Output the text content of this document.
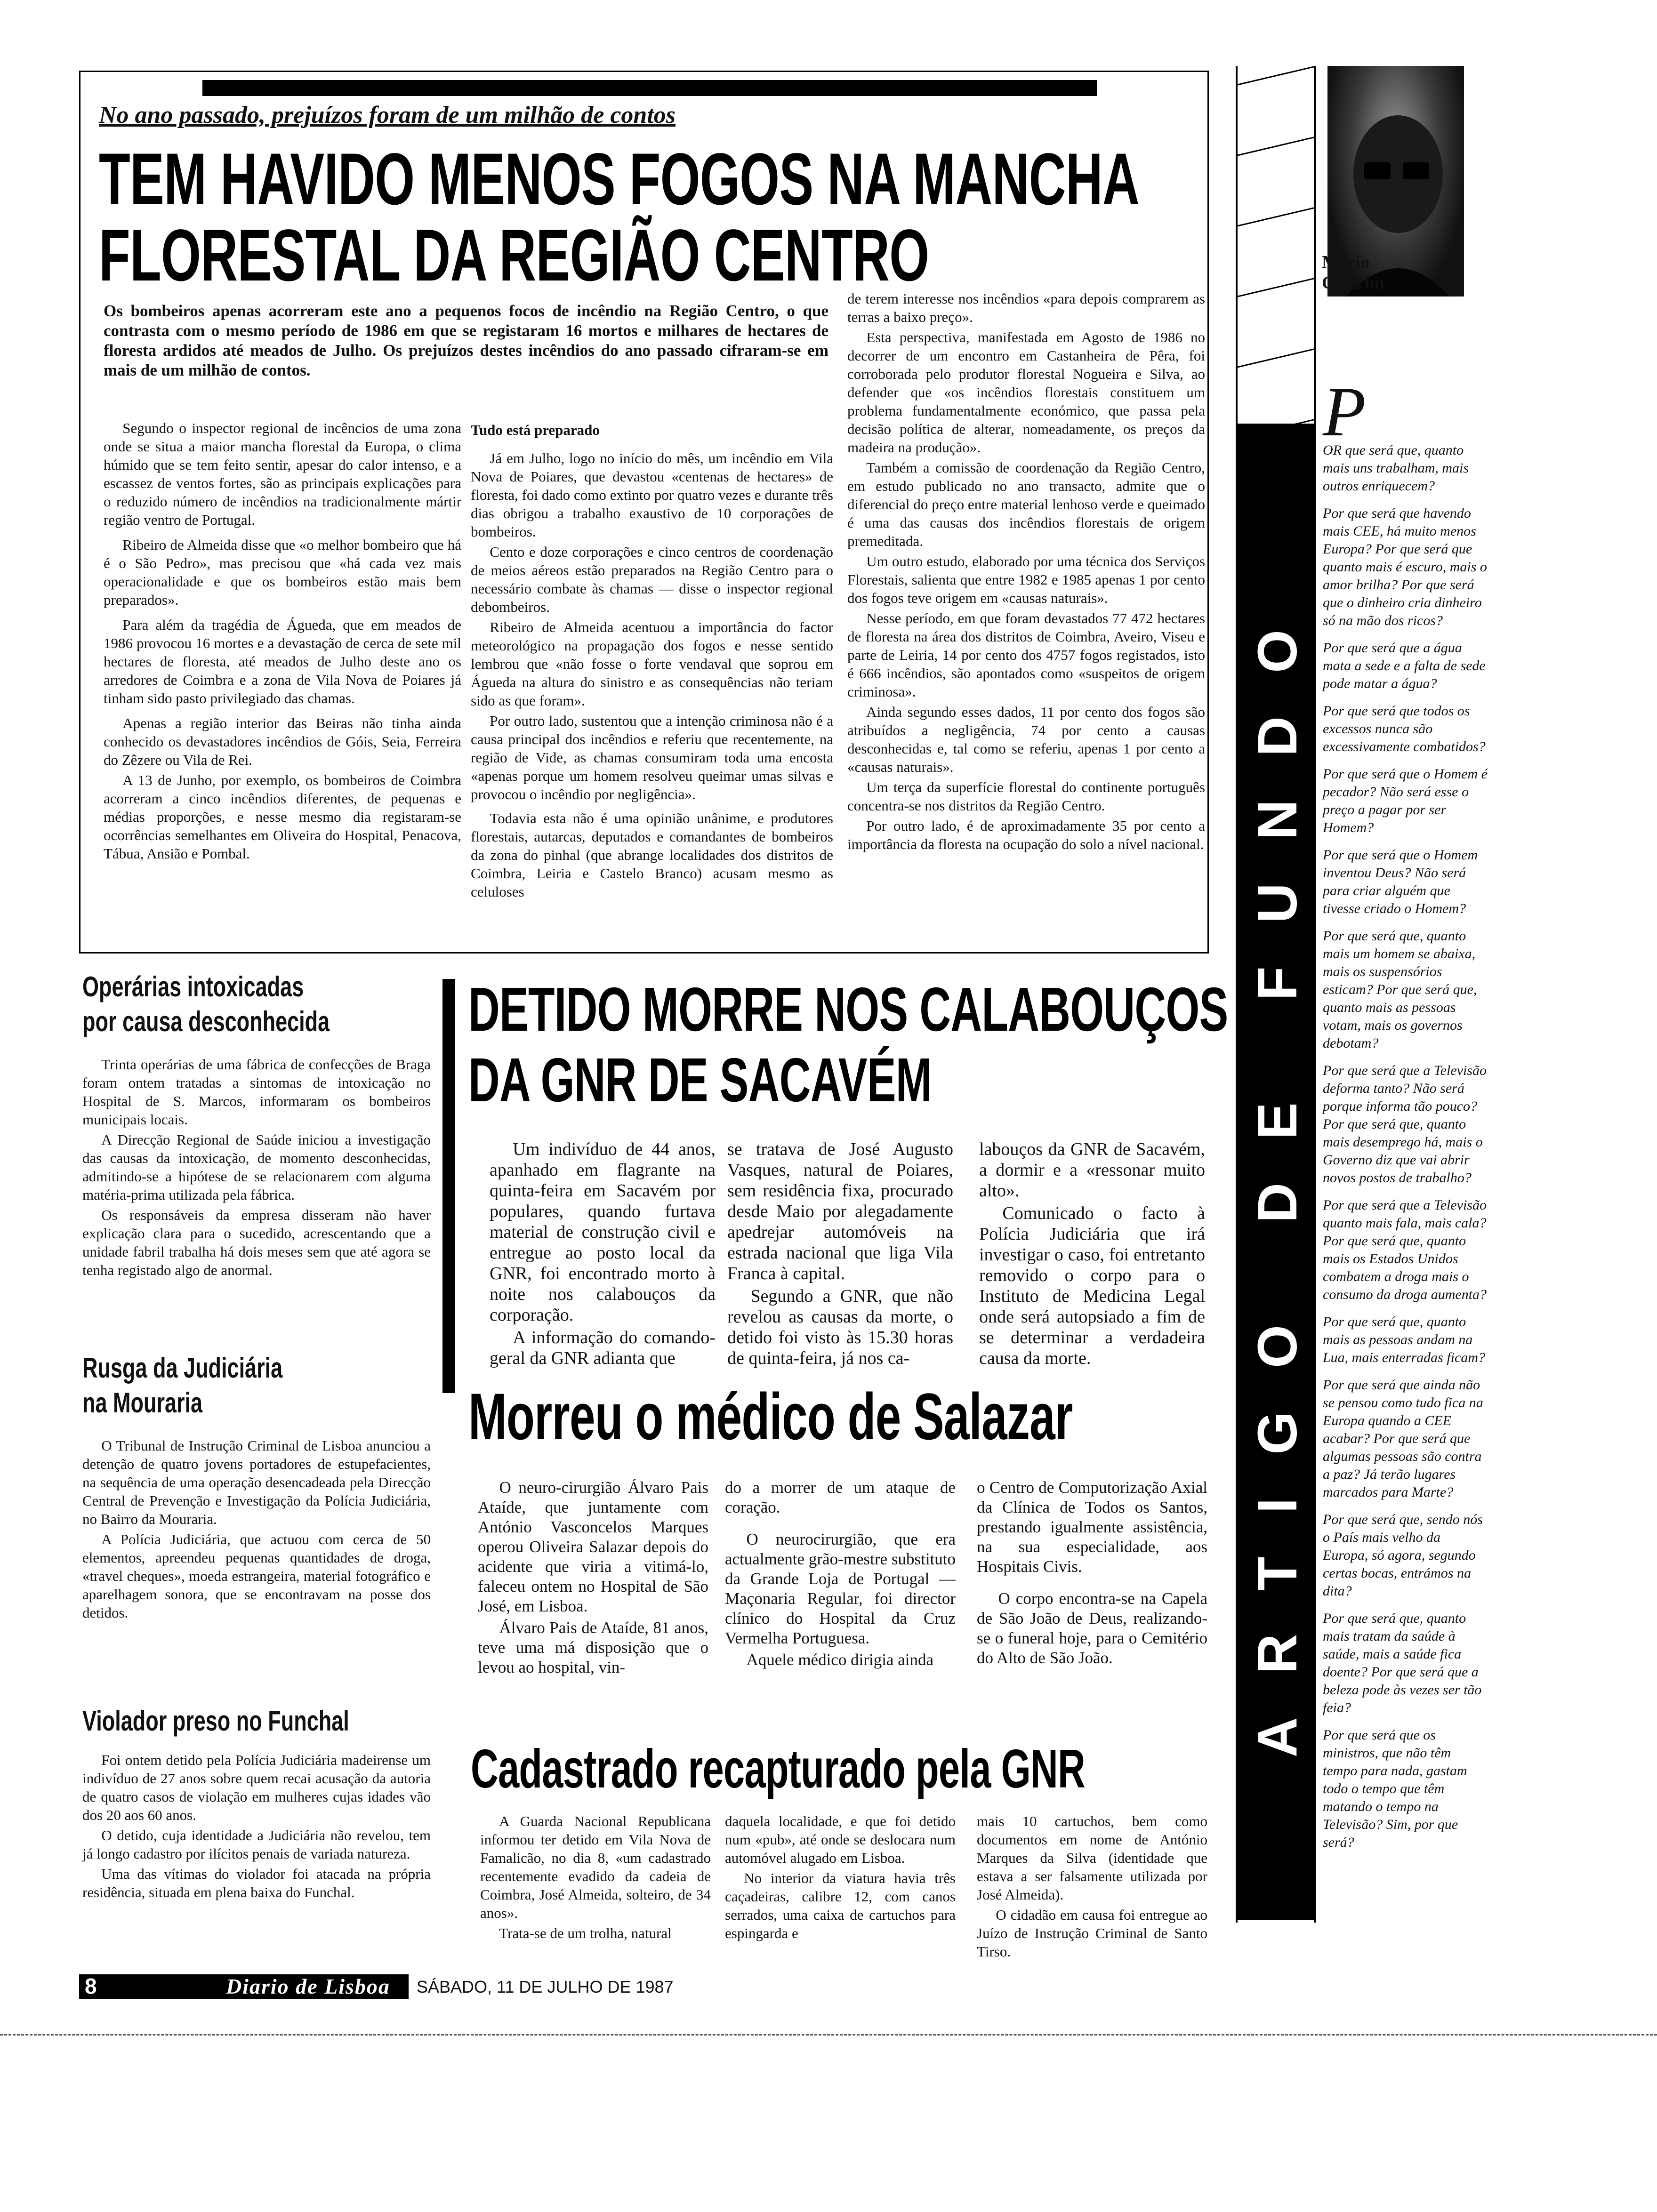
No ano passado, prejuízos foram de um milhão de contos
TEM HAVIDO MENOS FOGOS NA MANCHA
FLORESTAL DA REGIÃO CENTRO
Os bombeiros apenas acorreram este ano a pequenos focos de incêndio na Região Centro, o que contrasta com o mesmo período de 1986 em que se registaram 16 mortos e milhares de hectares de floresta ardidos até meados de Julho. Os prejuízos destes incêndios do ano passado cifraram-se em mais de um milhão de contos.

Segundo o inspector regional de incêncios de uma zona onde se situa a maior mancha florestal da Europa, o clima húmido que se tem feito sentir, apesar do calor intenso, e a escassez de ventos fortes, são as principais explicações para o reduzido número de incêndios na tradicionalmente mártir região ventro de Portugal.

Ribeiro de Almeida disse que «o melhor bombeiro que há é o São Pedro», mas precisou que «há cada vez mais operacionalidade e que os bombeiros estão mais bem preparados».

Para além da tragédia de Águeda, que em meados de 1986 provocou 16 mortes e a devastação de cerca de sete mil hectares de floresta, até meados de Julho deste ano os arredores de Coimbra e a zona de Vila Nova de Poiares já tinham sido pasto privilegiado das chamas.

Apenas a região interior das Beiras não tinha ainda conhecido os devastadores incêndios de Góis, Seia, Ferreira do Zêzere ou Vila de Rei.

A 13 de Junho, por exemplo, os bombeiros de Coimbra acorreram a cinco incêndios diferentes, de pequenas e médias proporções, e nesse mesmo dia registaram-se ocorrências semelhantes em Oliveira do Hospital, Penacova, Tábua, Ansião e Pombal.

Tudo está preparado

Já em Julho, logo no início do mês, um incêndio em Vila Nova de Poiares, que devastou «centenas de hectares» de floresta, foi dado como extinto por quatro vezes e durante três dias obrigou a trabalho exaustivo de 10 corporações de bombeiros.

Cento e doze corporações e cinco centros de coordenação de meios aéreos estão preparados na Região Centro para o necessário combate às chamas — disse o inspector regional debombeiros.

Ribeiro de Almeida acentuou a importância do factor meteorológico na propagação dos fogos e nesse sentido lembrou que «não fosse o forte vendaval que soprou em Águeda na altura do sinistro e as consequências não teriam sido as que foram».

Por outro lado, sustentou que a intenção criminosa não é a causa principal dos incêndios e referiu que recentemente, na região de Vide, as chamas consumiram toda uma encosta «apenas porque um homem resolveu queimar umas silvas e provocou o incêndio por negligência».

Todavia esta não é uma opinião unânime, e produtores florestais, autarcas, deputados e comandantes de bombeiros da zona do pinhal (que abrange localidades dos distritos de Coimbra, Leiria e Castelo Branco) acusam mesmo as celuloses

de terem interesse nos incêndios «para depois comprarem as terras a baixo preço».

Esta perspectiva, manifestada em Agosto de 1986 no decorrer de um encontro em Castanheira de Pêra, foi corroborada pelo produtor florestal Nogueira e Silva, ao defender que «os incêndios florestais constituem um problema fundamentalmente económico, que passa pela decisão política de alterar, nomeadamente, os preços da madeira na produção».

Também a comissão de coordenação da Região Centro, em estudo publicado no ano transacto, admite que o diferencial do preço entre material lenhoso verde e queimado é uma das causas dos incêndios florestais de origem premeditada.

Um outro estudo, elaborado por uma técnica dos Serviços Florestais, salienta que entre 1982 e 1985 apenas 1 por cento dos fogos teve origem em «causas naturais».

Nesse período, em que foram devastados 77 472 hectares de floresta na área dos distritos de Coimbra, Aveiro, Viseu e parte de Leiria, 14 por cento dos 4757 fogos registados, isto é 666 incêndios, são apontados como «suspeitos de origem criminosa».

Ainda segundo esses dados, 11 por cento dos fogos são atribuídos a negligência, 74 por cento a causas desconhecidas e, tal como se referiu, apenas 1 por cento a «causas naturais».

Um terça da superfície florestal do continente português concentra-se nos distritos da Região Centro.

Por outro lado, é de aproximadamente 35 por cento a importância da floresta na ocupação do solo a nível nacional.

Operárias intoxicadas
por causa desconhecida

Trinta operárias de uma fábrica de confecções de Braga foram ontem tratadas a sintomas de intoxicação no Hospital de S. Marcos, informaram os bombeiros municipais locais.

A Direcção Regional de Saúde iniciou a investigação das causas da intoxicação, de momento desconhecidas, admitindo-se a hipótese de se relacionarem com alguma matéria-prima utilizada pela fábrica.

Os responsáveis da empresa disseram não haver explicação clara para o sucedido, acrescentando que a unidade fabril trabalha há dois meses sem que até agora se tenha registado algo de anormal.

Rusga da Judiciária
na Mouraria

O Tribunal de Instrução Criminal de Lisboa anunciou a detenção de quatro jovens portadores de estupefacientes, na sequência de uma operação desencadeada pela Direcção Central de Prevenção e Investigação da Polícia Judiciária, no Bairro da Mouraria.

A Polícia Judiciária, que actuou com cerca de 50 elementos, apreendeu pequenas quantidades de droga, «travel cheques», moeda estrangeira, material fotográfico e aparelhagem sonora, que se encontravam na posse dos detidos.

Violador preso no Funchal

Foi ontem detido pela Polícia Judiciária madeirense um indivíduo de 27 anos sobre quem recai acusação da autoria de quatro casos de violação em mulheres cujas idades vão dos 20 aos 60 anos.

O detido, cuja identidade a Judiciária não revelou, tem já longo cadastro por ilícitos penais de variada natureza.

Uma das vítimas do violador foi atacada na própria residência, situada em plena baixa do Funchal.

DETIDO MORRE NOS CALABOUÇOS
DA GNR DE SACAVÉM

Um indivíduo de 44 anos, apanhado em flagrante na quinta-feira em Sacavém por populares, quando furtava material de construção civil e entregue ao posto local da GNR, foi encontrado morto à noite nos calabouços da corporação.

A informação do comando-geral da GNR adianta que

se tratava de José Augusto Vasques, natural de Poiares, sem residência fixa, procurado desde Maio por alegadamente apedrejar automóveis na estrada nacional que liga Vila Franca à capital.

Segundo a GNR, que não revelou as causas da morte, o detido foi visto às 15.30 horas de quinta-feira, já nos ca-

labouços da GNR de Sacavém, a dormir e a «ressonar muito alto».

Comunicado o facto à Polícia Judiciária que irá investigar o caso, foi entretanto removido o corpo para o Instituto de Medicina Legal onde será autopsiado a fim de se determinar a verdadeira causa da morte.

Morreu o médico de Salazar

O neuro-cirurgião Álvaro Pais Ataíde, que juntamente com António Vasconcelos Marques operou Oliveira Salazar depois do acidente que viria a vitimá-lo, faleceu ontem no Hospital de São José, em Lisboa.

Álvaro Pais de Ataíde, 81 anos, teve uma má disposição que o levou ao hospital, vin-

do a morrer de um ataque de coração.

O neurocirurgião, que era actualmente grão-mestre substituto da Grande Loja de Portugal — Maçonaria Regular, foi director clínico do Hospital da Cruz Vermelha Portuguesa.

Aquele médico dirigia ainda

o Centro de Computorização Axial da Clínica de Todos os Santos, prestando igualmente assistência, na sua especialidade, aos Hospitais Civis.

O corpo encontra-se na Capela de São João de Deus, realizando-se o funeral hoje, para o Cemitério do Alto de São João.

Cadastrado recapturado pela GNR

A Guarda Nacional Republicana informou ter detido em Vila Nova de Famalicão, no dia 8, «um cadastrado recentemente evadido da cadeia de Coimbra, José Almeida, solteiro, de 34 anos».

Trata-se de um trolha, natural

daquela localidade, e que foi detido num «pub», até onde se deslocara num automóvel alugado em Lisboa.

No interior da viatura havia três caçadeiras, calibre 12, com canos serrados, uma caixa de cartuchos para espingarda e

mais 10 cartuchos, bem como documentos em nome de António Marques da Silva (identidade que estava a ser falsamente utilizada por José Almeida).

O cidadão em causa foi entregue ao Juízo de Instrução Criminal de Santo Tirso.

ARTIGO DE FUNDO
Mário
Castrim
P
OR que será que, quanto mais uns trabalham, mais outros enriquecem?
Por que será que havendo mais CEE, há muito menos Europa? Por que será que quanto mais é escuro, mais o amor brilha? Por que será que o dinheiro cria dinheiro só na mão dos ricos?
Por que será que a água mata a sede e a falta de sede pode matar a água?
Por que será que todos os excessos nunca são excessivamente combatidos?
Por que será que o Homem é pecador? Não será esse o preço a pagar por ser Homem?
Por que será que o Homem inventou Deus? Não será para criar alguém que tivesse criado o Homem?
Por que será que, quanto mais um homem se abaixa, mais os suspensórios esticam? Por que será que, quanto mais as pessoas votam, mais os governos debotam?
Por que será que a Televisão deforma tanto? Não será porque informa tão pouco? Por que será que, quanto mais desemprego há, mais o Governo diz que vai abrir novos postos de trabalho?
Por que será que a Televisão quanto mais fala, mais cala? Por que será que, quanto mais os Estados Unidos combatem a droga mais o consumo da droga aumenta?
Por que será que, quanto mais as pessoas andam na Lua, mais enterradas ficam?
Por que será que ainda não se pensou como tudo fica na Europa quando a CEE acabar? Por que será que algumas pessoas são contra a paz? Já terão lugares marcados para Marte?
Por que será que, sendo nós o País mais velho da Europa, só agora, segundo certas bocas, entrámos na dita?
Por que será que, quanto mais tratam da saúde à saúde, mais a saúde fica doente? Por que será que a beleza pode às vezes ser tão feia?
Por que será que os ministros, que não têm tempo para nada, gastam todo o tempo que têm matando o tempo na Televisão? Sim, por que será?
8	Diario de Lisboa SÁBADO, 11 DE JULHO DE 1987
